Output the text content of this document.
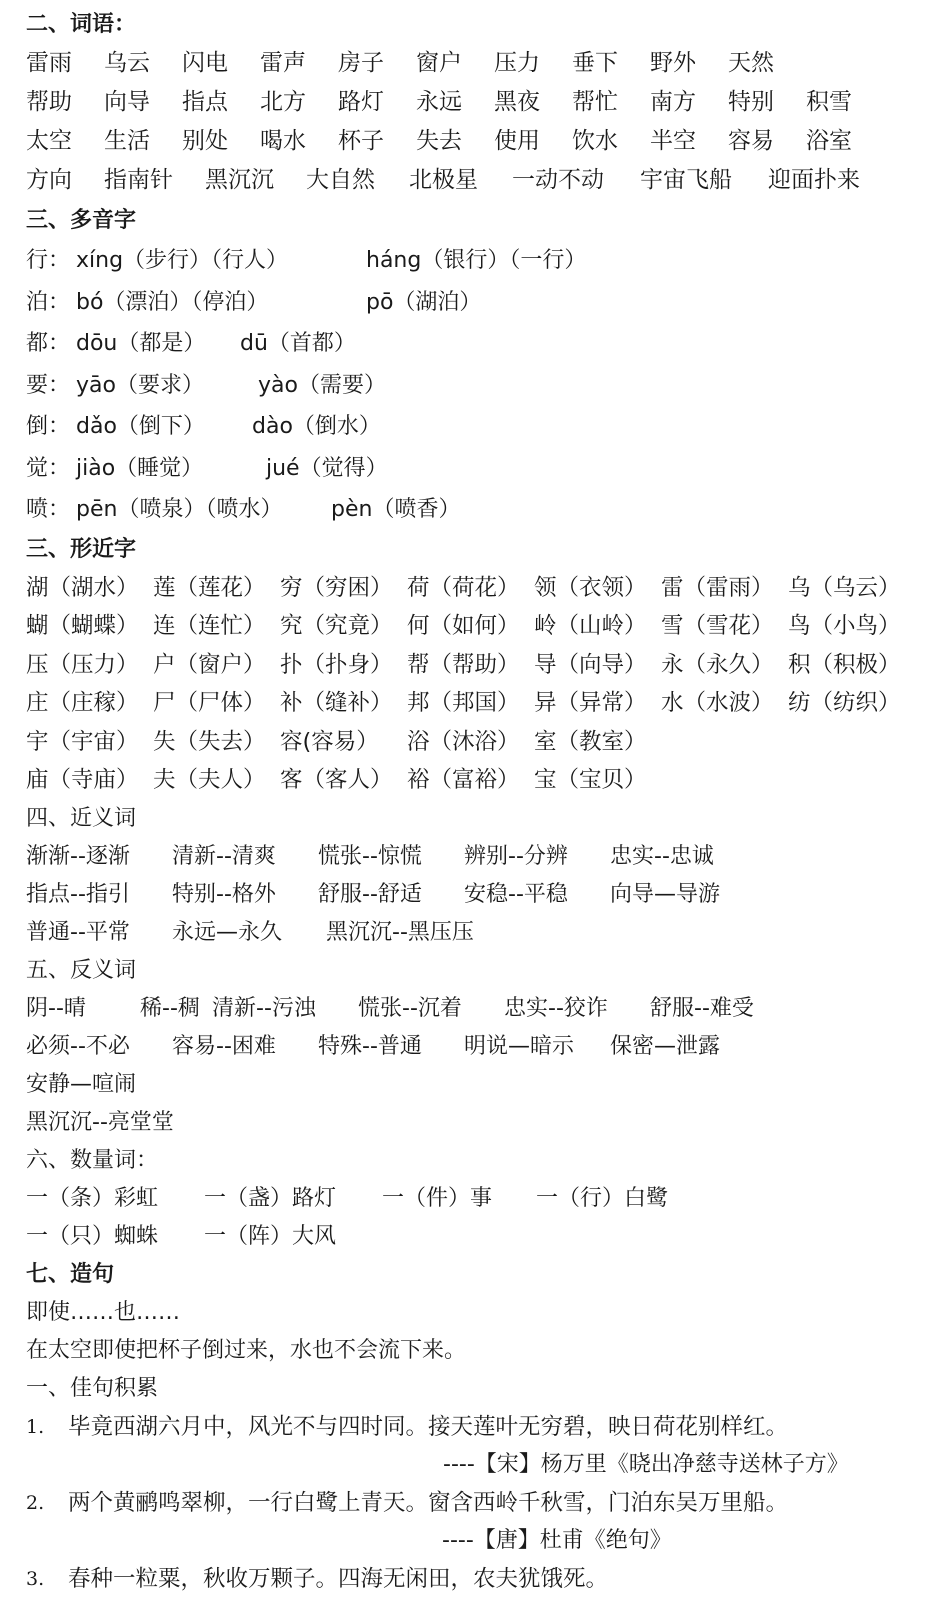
二、词语：
雷雨	乌云	闪电	雷声	房子	窗户	压力	垂下	野外	天然
帮助	向导	指点	北方	路灯	永远	黑夜	帮忙	南方	特别	积雪
太空	生活	别处	喝水	杯子	失去	使用	饮水	半空	容易	浴室
方向	指南针	黑沉沉	大自然	北极星	一动不动	宇宙飞船	迎面扑来
三、多音字
行： xíng（步行）（行人）	háng（银行）（一行）
泊： bó（漂泊）（停泊）	pō（湖泊）
都： dōu（都是）	dū（首都）
要： yāo（要求）	yào（需要）
倒： dǎo（倒下）	dào（倒水）
觉： jiào（睡觉）	jué（觉得）
喷： pēn（喷泉）（喷水）	pèn（喷香）
三、形近字
湖（湖水） 莲（莲花） 穷（穷困） 荷（荷花） 领（衣领） 雷（雷雨） 乌（乌云）
蝴（蝴蝶） 连（连忙） 究（究竟） 何（如何） 岭（山岭） 雪（雪花） 鸟（小鸟）
压（压力） 户（窗户） 扑（扑身） 帮（帮助） 导（向导） 永（永久） 积（积极）
庄（庄稼） 尸（尸体） 补（缝补） 邦（邦国） 异（异常） 水（水波） 纺（纺织）
宇（宇宙） 失（失去） 容(容易）	浴（沐浴） 室（教室）
庙（寺庙） 夫（夫人） 客（客人） 裕（富裕） 宝（宝贝）
四、近义词
渐渐--逐渐	清新--清爽	慌张--惊慌	辨别--分辨	忠实--忠诚
指点--指引	特别--格外	舒服--舒适	安稳--平稳	向导—导游
普通--平常	永远—永久	黑沉沉--黑压压
五、反义词
阴--晴	稀--稠 清新--污浊	慌张--沉着	忠实--狡诈	舒服--难受
必须--不必	容易--困难	特殊--普通	明说—暗示	保密—泄露
安静—喧闹
黑沉沉--亮堂堂
六、数量词：
一（条）彩虹	一（盏）路灯	一（件）事	一（行）白鹭
一（只）蜘蛛	一（阵）大风
七、造句
即使……也……
在太空即使把杯子倒过来，水也不会流下来。
一、佳句积累
1.	毕竟西湖六月中，风光不与四时同。接天莲叶无穷碧，映日荷花别样红。
----【宋】杨万里《晓出净慈寺送林子方》
2.	两个黄鹂鸣翠柳，一行白鹭上青天。窗含西岭千秋雪，门泊东吴万里船。
----【唐】杜甫《绝句》
3.	春种一粒粟，秋收万颗子。四海无闲田，农夫犹饿死。
